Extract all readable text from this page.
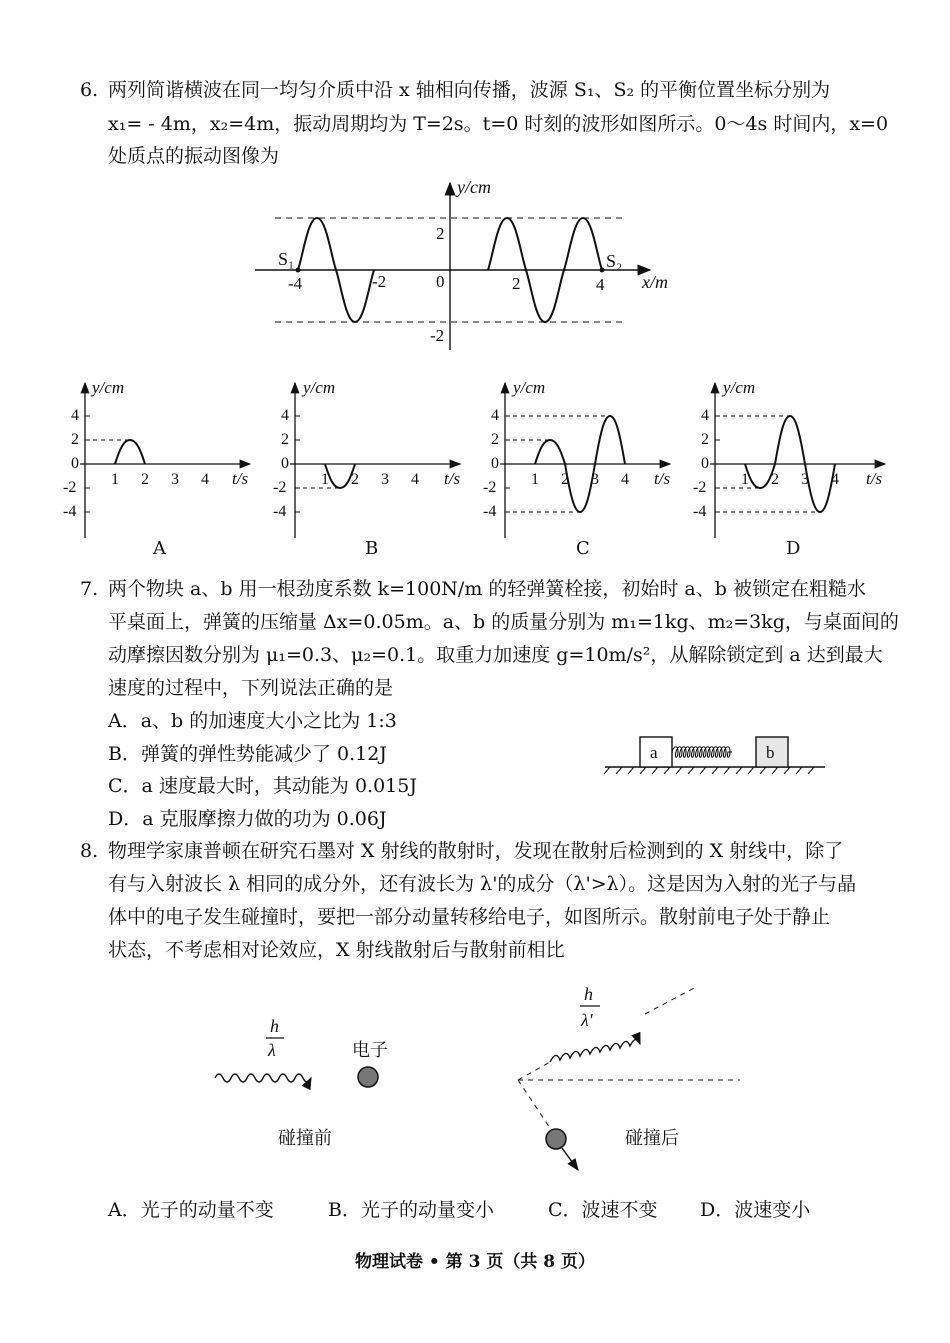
6. 两列简谐横波在同一均匀介质中沿 x 轴相向传播，波源 S₁、S₂ 的平衡位置坐标分别为
x₁= - 4m，x₂=4m，振动周期均为 T=2s。t=0 时刻的波形如图所示。0～4s 时间内，x=0
处质点的振动图像为
y/cm
x/m
S₁	S₂
-4	-2	0	2	4
2
-2
y/cm
t/s
y/cm
t/s
y/cm
t/s
y/cm
t/s
4
2
0
-2
-4
1 2 3 4
4
2
0
-2
-4
1 2 3 4
4
2
0
-2
-4
1 2 3 4
4
2
0
-2
-4
1 2 3 4
A	B	C	D
7. 两个物块 a、b 用一根劲度系数 k=100N/m 的轻弹簧栓接，初始时 a、b 被锁定在粗糙水
平桌面上，弹簧的压缩量 Δx=0.05m。a、b 的质量分别为 m₁=1kg、m₂=3kg，与桌面间的
动摩擦因数分别为 μ₁=0.3、μ₂=0.1。取重力加速度 g=10m/s²，从解除锁定到 a 达到最大
速度的过程中，下列说法正确的是
A．a、b 的加速度大小之比为 1:3
B．弹簧的弹性势能减少了 0.12J
C．a 速度最大时，其动能为 0.015J
D．a 克服摩擦力做的功为 0.06J
a	b
8. 物理学家康普顿在研究石墨对 X 射线的散射时，发现在散射后检测到的 X 射线中，除了
有与入射波长 λ 相同的成分外，还有波长为 λ'的成分（λ'>λ）。这是因为入射的光子与晶
体中的电子发生碰撞时，要把一部分动量转移给电子，如图所示。散射前电子处于静止
状态，不考虑相对论效应，X 射线散射后与散射前相比
h
λ	电子
碰撞前
h
λ'
碰撞后
A．光子的动量不变	B．光子的动量变小	C．波速不变 D．波速变小
物理试卷 • 第 3 页（共 8 页）
